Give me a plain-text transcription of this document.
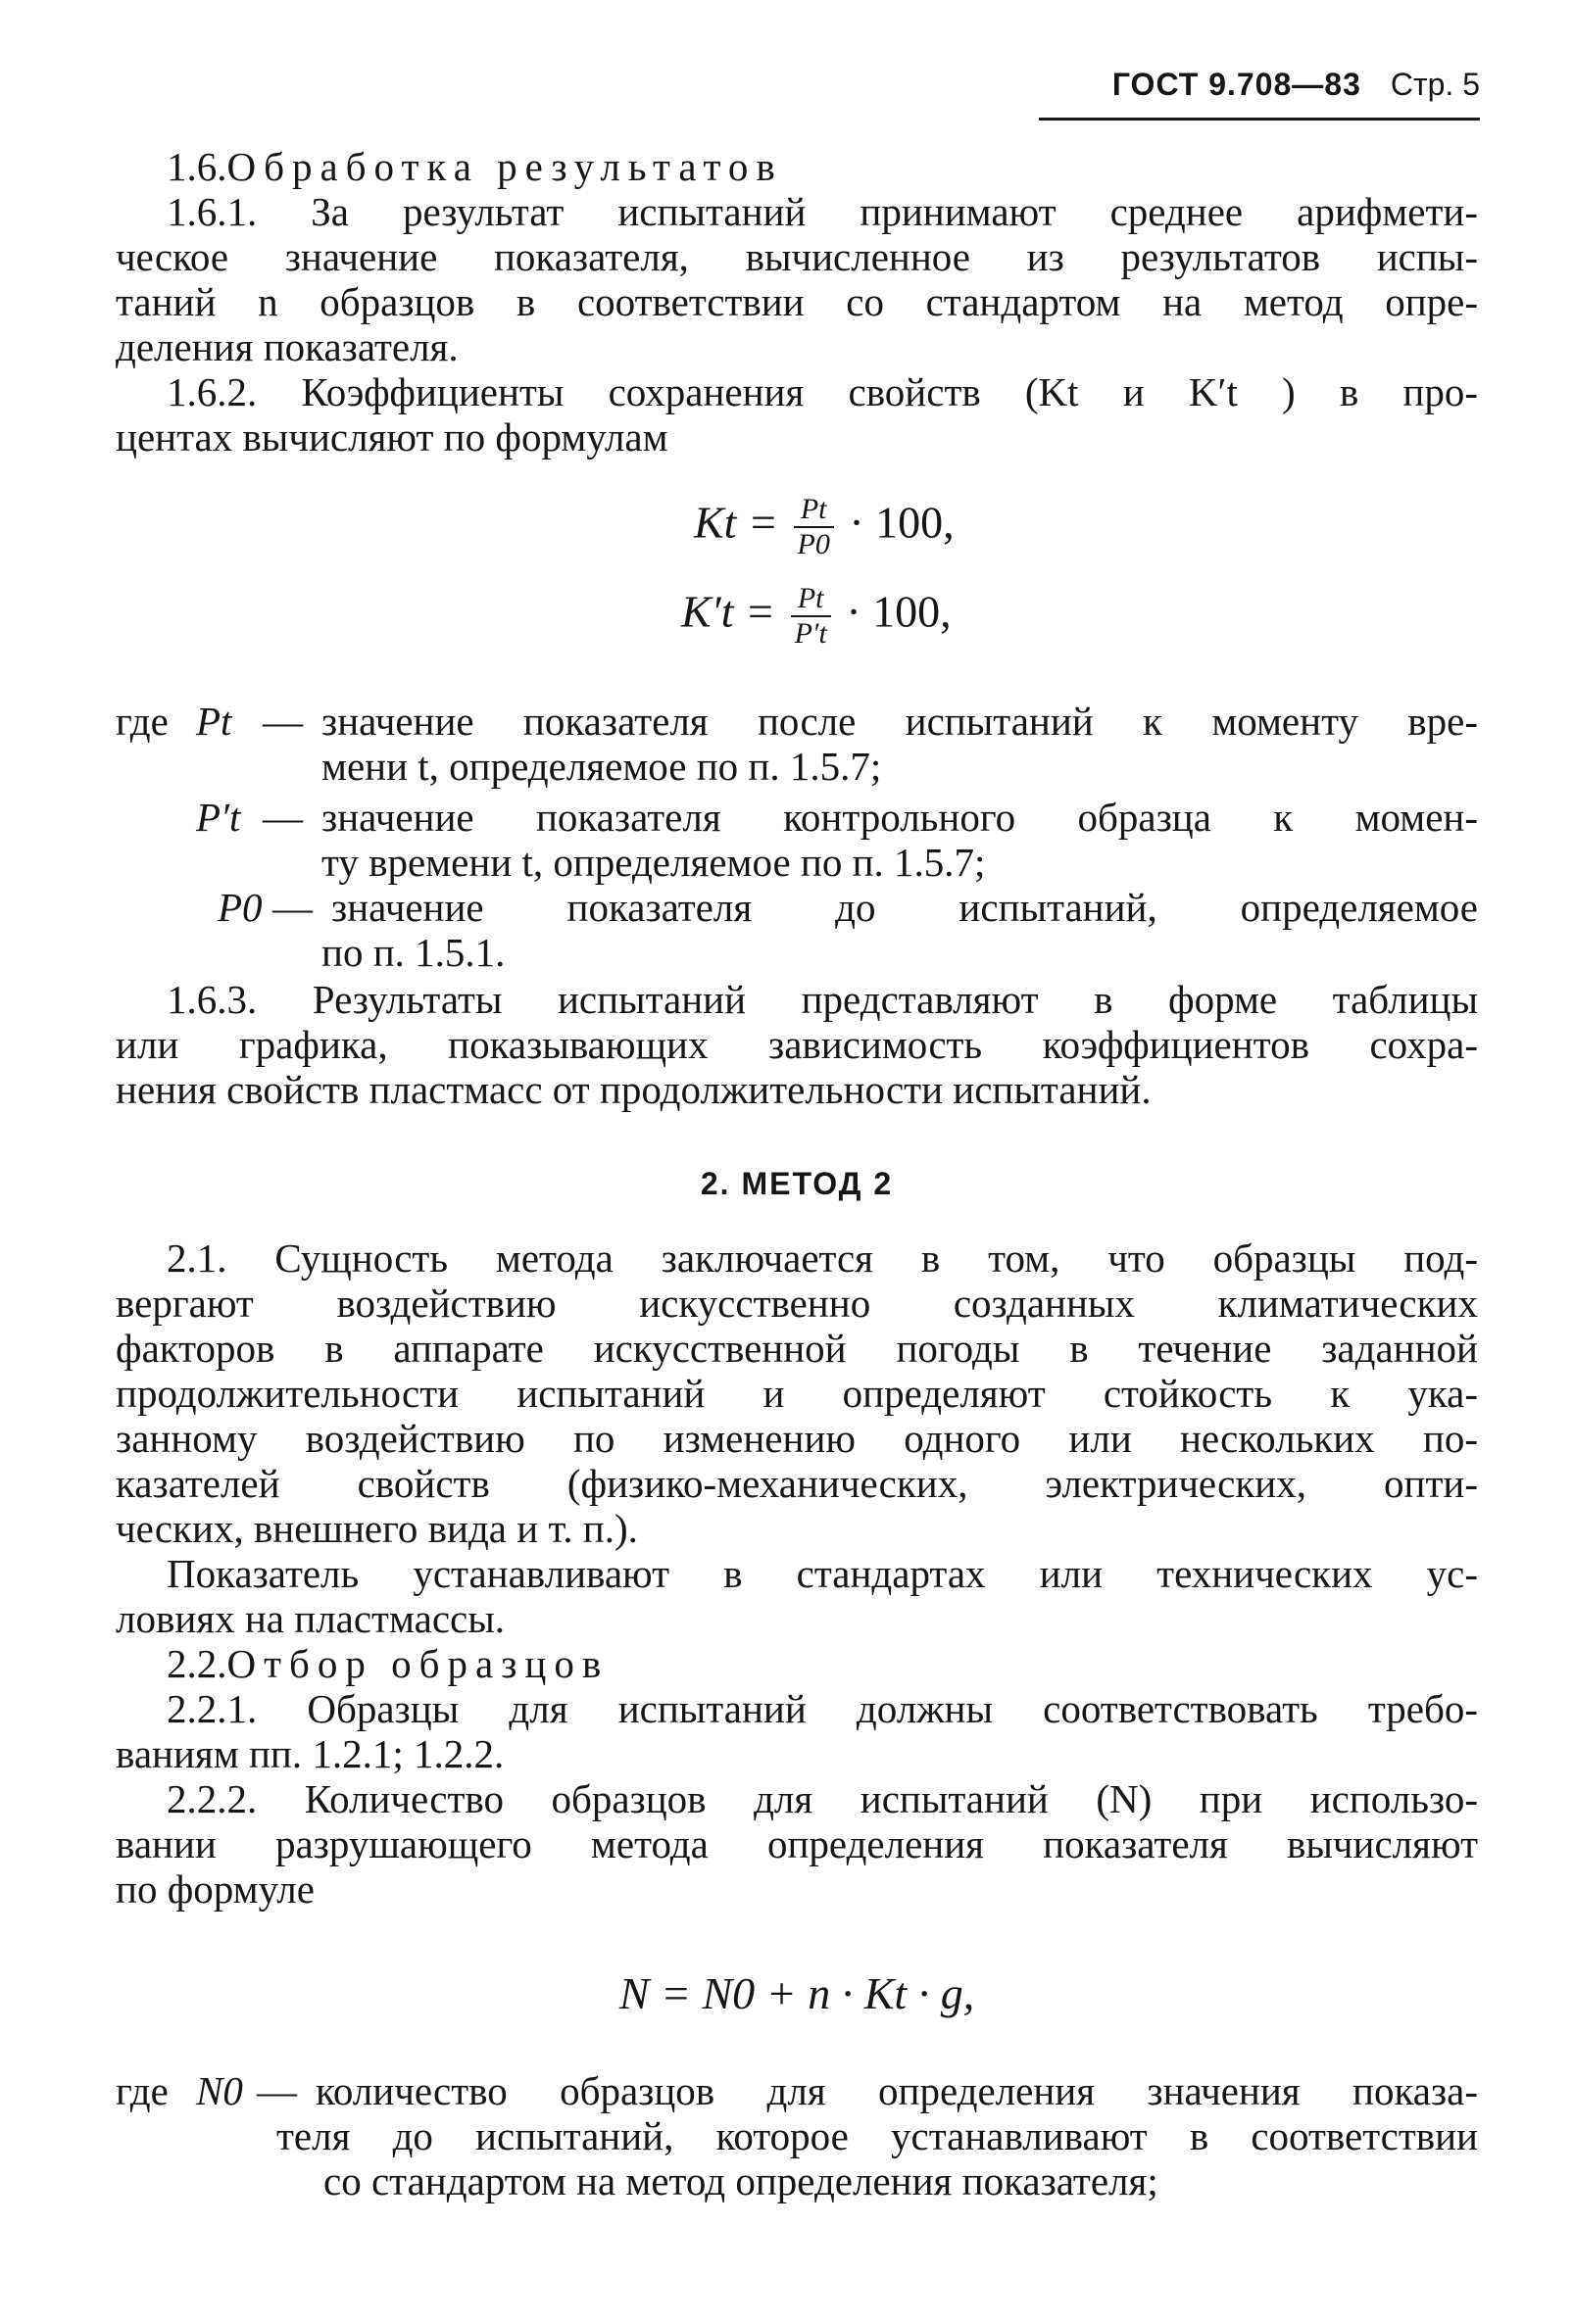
ГОСТ 9.708—83 Стр. 5
1.6.Обработка результатов
1.6.1. За результат испытаний принимают среднее арифмети-
ческое значение показателя, вычисленное из результатов испы-
таний n образцов в соответствии со стандартом на метод опре-
деления показателя.
1.6.2. Коэффициенты сохранения свойств (Kt и K′t ) в про-
центах вычисляют по формулам
$Kt = \frac{Pt}{P0} \cdot 100$,
$K't = \frac{Pt}{P't} \cdot 100$,
где Pt — значение показателя после испытаний к моменту вре-
мени t, определяемое по п. 1.5.7;
P′t — значение показателя контрольного образца к момен-
ту времени t, определяемое по п. 1.5.7;
P0 — значение показателя до испытаний, определяемое
по п. 1.5.1.
1.6.3. Результаты испытаний представляют в форме таблицы
или графика, показывающих зависимость коэффициентов сохра-
нения свойств пластмасс от продолжительности испытаний.
2. МЕТОД 2
2.1. Сущность метода заключается в том, что образцы под-
вергают воздействию искусственно созданных климатических
факторов в аппарате искусственной погоды в течение заданной
продолжительности испытаний и определяют стойкость к ука-
занному воздействию по изменению одного или нескольких по-
казателей свойств (физико-механических, электрических, опти-
ческих, внешнего вида и т. п.).
Показатель устанавливают в стандартах или технических ус-
ловиях на пластмассы.
2.2.Отбор образцов
2.2.1. Образцы для испытаний должны соответствовать требо-
ваниям пп. 1.2.1; 1.2.2.
2.2.2. Количество образцов для испытаний (N) при использо-
вании разрушающего метода определения показателя вычисляют
по формуле
N = N0 + n · Kt · g,
где N0 — количество образцов для определения значения показа-
теля до испытаний, которое устанавливают в соответствии
со стандартом на метод определения показателя;
